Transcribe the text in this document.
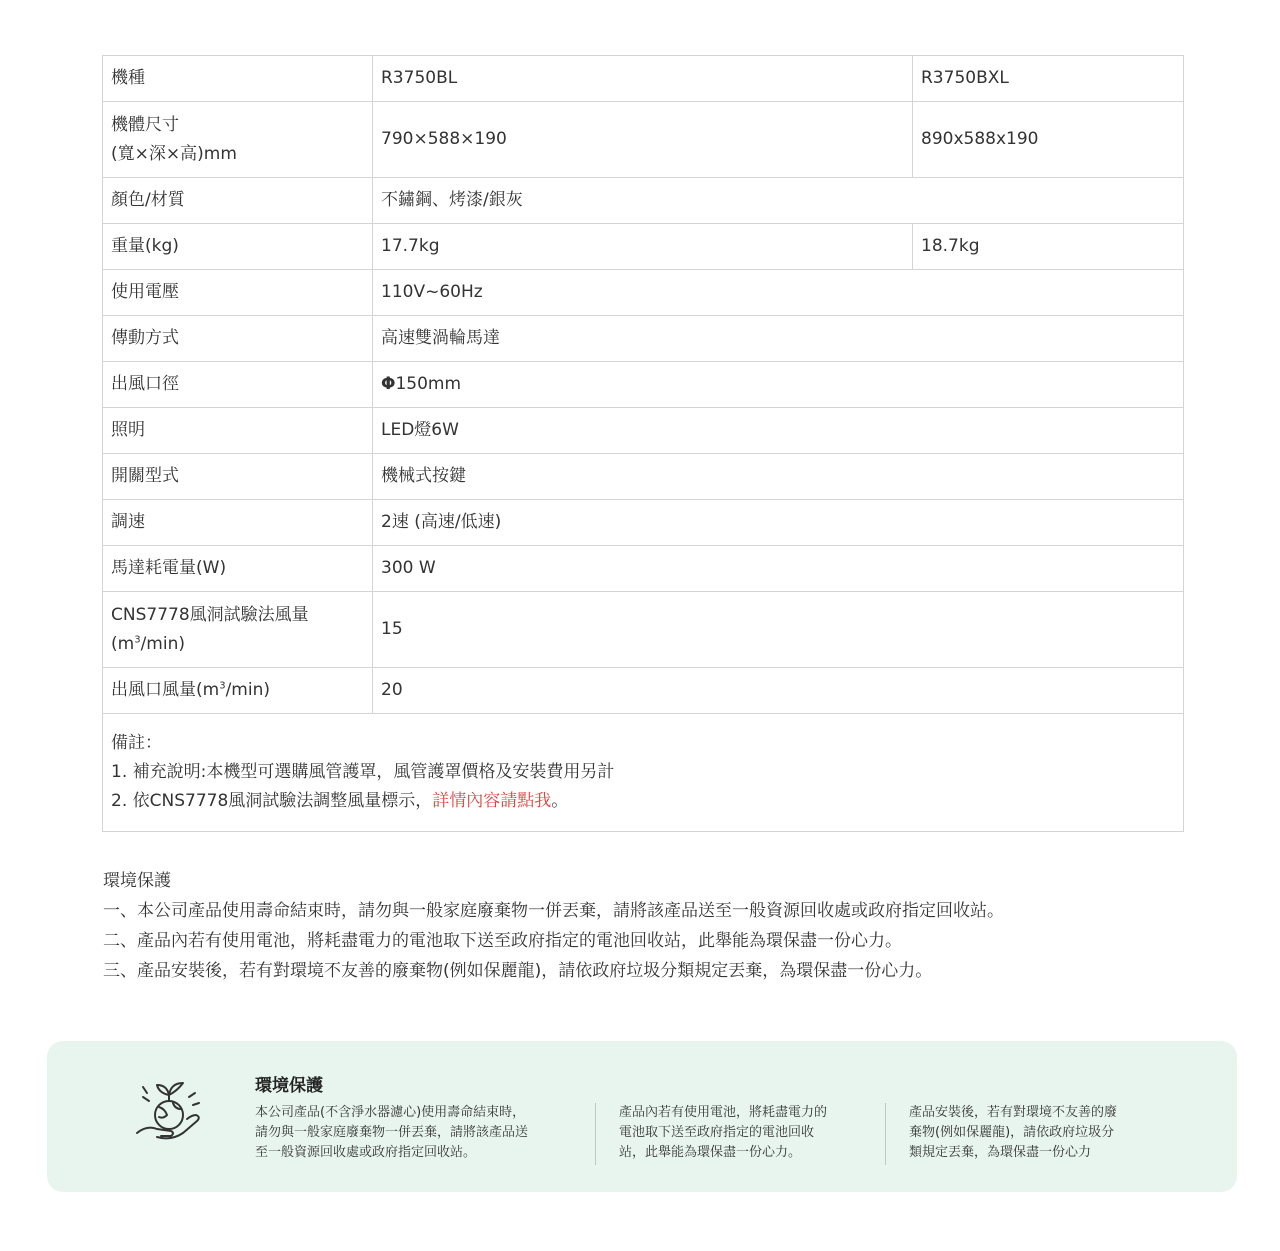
機種	R3750BL	R3750BXL

機體尺寸
(寬×深×高)mm	790×588×190	890x588x190
顏色/材質	不鏽鋼、烤漆/銀灰	
重量(kg)	17.7kg	18.7kg
使用電壓	110V~60Hz	
傳動方式	高速雙渦輪馬達	
出風口徑	Φ150mm	
照明	LED燈6W	
開關型式	機械式按鍵	
調速	2速 (高速/低速)	
馬達耗電量(W)	300 W	

CNS7778風洞試驗法風量
$(m^3/\min)$	15	
出風口風量$(m^3/\min)$	20	

備註：
1. 補充說明:本機型可選購風管護罩，風管護罩價格及安裝費用另計
2. 依CNS7778風洞試驗法調整風量標示，詳情內容請點我。		
環境保護
一、本公司產品使用壽命結束時，請勿與一般家庭廢棄物一併丟棄，請將該產品送至一般資源回收處或政府指定回收站。
二、產品內若有使用電池，將耗盡電力的電池取下送至政府指定的電池回收站，此舉能為環保盡一份心力。
三、產品安裝後，若有對環境不友善的廢棄物(例如保麗龍)，請依政府垃圾分類規定丟棄，為環保盡一份心力。
環境保護
本公司產品(不含淨水器濾心)使用壽命結束時，
請勿與一般家庭廢棄物一併丟棄，請將該產品送
至一般資源回收處或政府指定回收站。
產品內若有使用電池，將耗盡電力的
電池取下送至政府指定的電池回收
站，此舉能為環保盡一份心力。
產品安裝後，若有對環境不友善的廢
棄物(例如保麗龍)，請依政府垃圾分
類規定丟棄，為環保盡一份心力
